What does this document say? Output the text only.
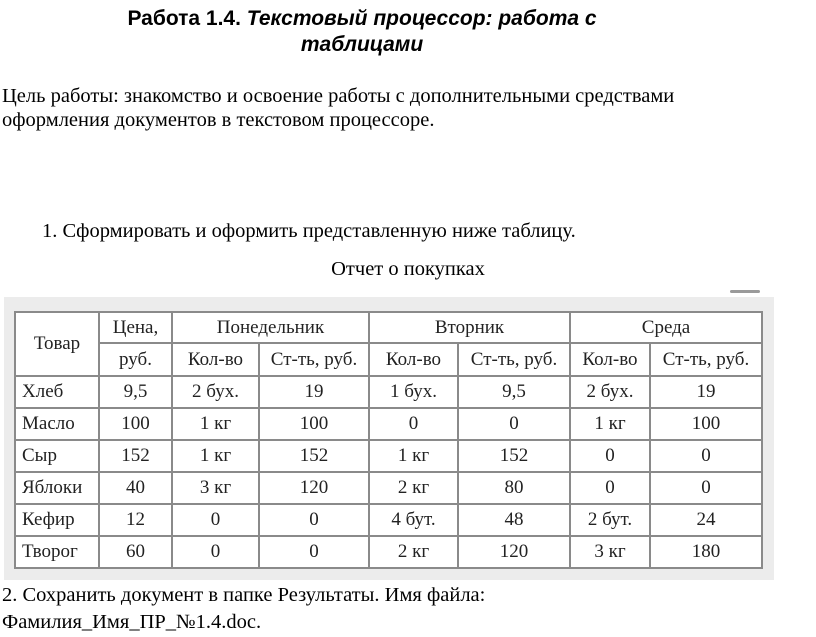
Работа 1.4. Текстовый процессор: работа с
таблицами
Цель работы: знакомство и освоение работы с дополнительными средствами
оформления документов в текстовом процессоре.
1. Сформировать и оформить представленную ниже таблицу.
Отчет о покупках
Товар	Цена,	Понедельник		Вторник		Среда	
	руб.	Кол-во	Ст-ть, руб.	Кол-во	Ст-ть, руб.	Кол-во	Ст-ть, руб.
Хлеб	9,5	2 бух.	19	1 бух.	9,5	2 бух.	19
Масло	100	1 кг	100	0	0	1 кг	100
Сыр	152	1 кг	152	1 кг	152	0	0
Яблоки	40	3 кг	120	2 кг	80	0	0
Кефир	12	0	0	4 бут.	48	2 бут.	24
Творог	60	0	0	2 кг	120	3 кг	180
2. Сохранить документ в папке Результаты. Имя файла:
Фамилия_Имя_ПР_№1.4.doc.
